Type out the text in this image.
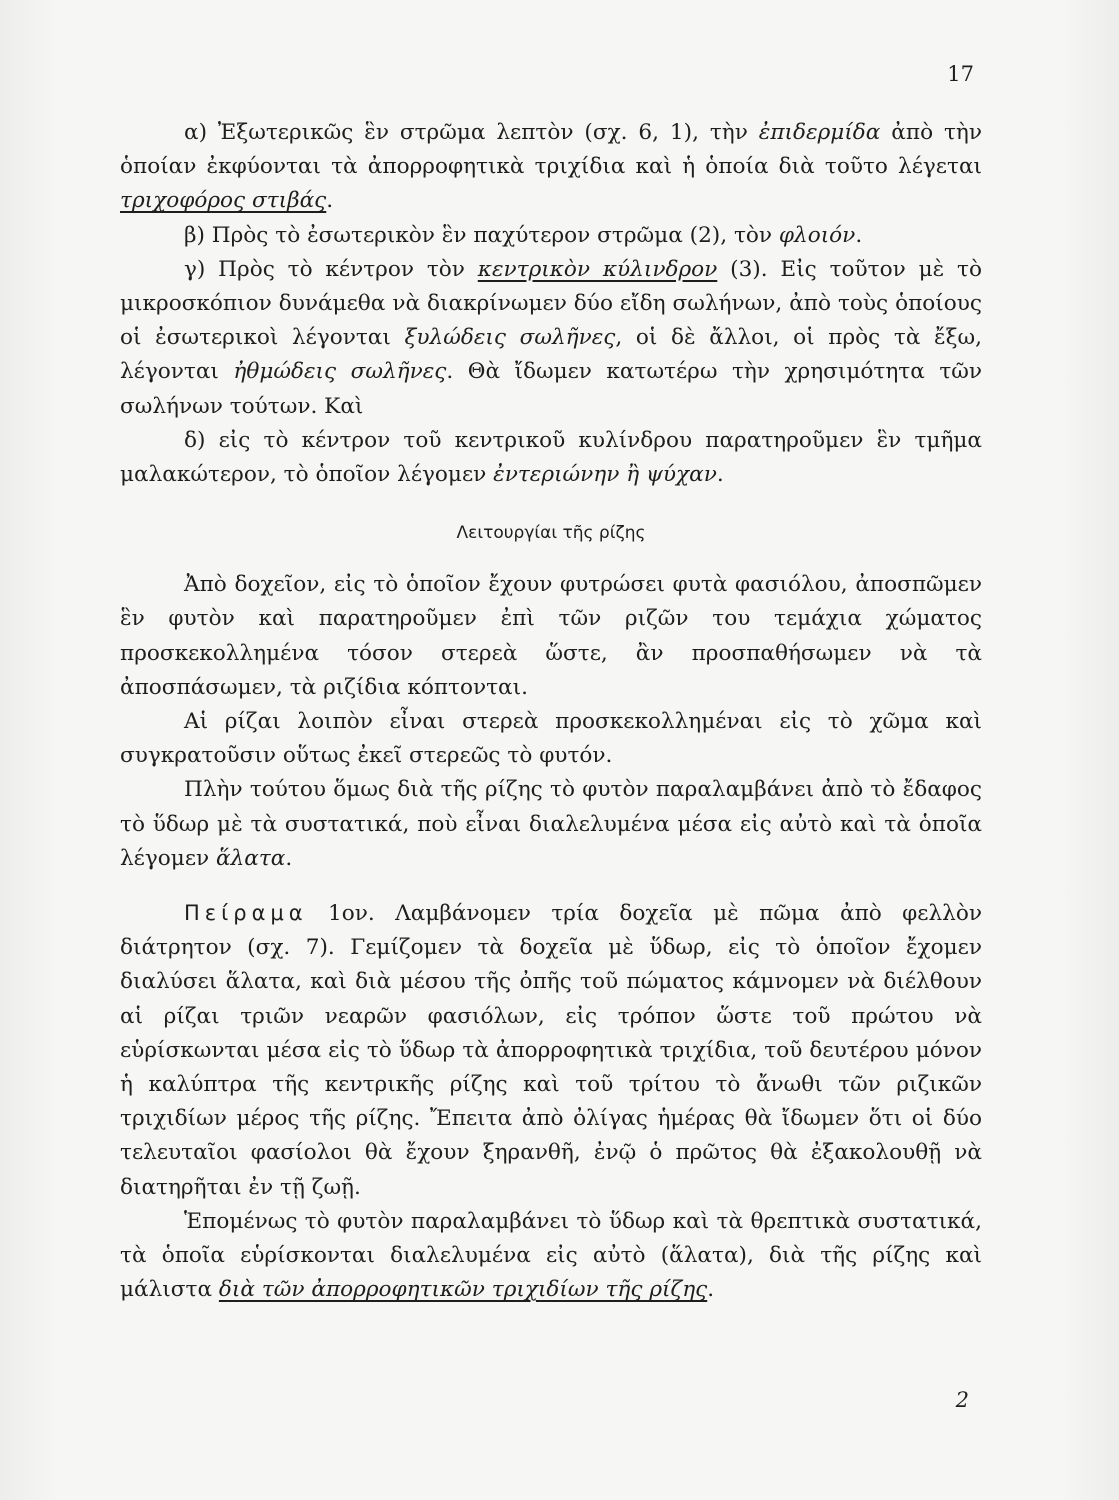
17

α) Ἐξωτερικῶς ἓν στρῶμα λεπτὸν (σχ. 6, 1), τὴν ἐπιδερμίδα ἀπὸ τὴν ὁποίαν ἐκφύονται τὰ ἀπορροφητικὰ τριχίδια καὶ ἡ ὁποία διὰ τοῦτο λέγεται τριχοφόρος στιβάς.

β) Πρὸς τὸ ἐσωτερικὸν ἓν παχύτερον στρῶμα (2), τὸν φλοιόν.

γ) Πρὸς τὸ κέντρον τὸν κεντρικὸν κύλινδρον (3). Εἰς τοῦτον μὲ τὸ μικροσκόπιον δυνάμεθα νὰ διακρίνωμεν δύο εἴδη σωλήνων, ἀπὸ τοὺς ὁποίους οἱ ἐσωτερικοὶ λέγονται ξυλώδεις σωλῆνες, οἱ δὲ ἄλλοι, οἱ πρὸς τὰ ἔξω, λέγονται ἠθμώδεις σωλῆνες. Θὰ ἴδωμεν κατωτέρω τὴν χρησιμότητα τῶν σωλήνων τούτων. Καὶ

δ) εἰς τὸ κέντρον τοῦ κεντρικοῦ κυλίνδρου παρατηροῦμεν ἓν τμῆμα μαλακώτερον, τὸ ὁποῖον λέγομεν ἐντεριώνην ἢ ψύχαν.

Λειτουργίαι τῆς ρίζης

Ἀπὸ δοχεῖον, εἰς τὸ ὁποῖον ἔχουν φυτρώσει φυτὰ φασιόλου, ἀποσπῶμεν ἓν φυτὸν καὶ παρατηροῦμεν ἐπὶ τῶν ριζῶν του τεμάχια χώματος προσκεκολλημένα τόσον στερεὰ ὥστε, ἂν προσπαθήσωμεν νὰ τὰ ἀποσπάσωμεν, τὰ ριζίδια κόπτονται.

Αἱ ρίζαι λοιπὸν εἶναι στερεὰ προσκεκολλημέναι εἰς τὸ χῶμα καὶ συγκρατοῦσιν οὕτως ἐκεῖ στερεῶς τὸ φυτόν.

Πλὴν τούτου ὅμως διὰ τῆς ρίζης τὸ φυτὸν παραλαμβάνει ἀπὸ τὸ ἔδαφος τὸ ὕδωρ μὲ τὰ συστατικά, ποὺ εἶναι διαλελυμένα μέσα εἰς αὐτὸ καὶ τὰ ὁποῖα λέγομεν ἅλατα.

Πείραμα 1ον. Λαμβάνομεν τρία δοχεῖα μὲ πῶμα ἀπὸ φελλὸν διάτρητον (σχ. 7). Γεμίζομεν τὰ δοχεῖα μὲ ὕδωρ, εἰς τὸ ὁποῖον ἔχομεν διαλύσει ἅλατα, καὶ διὰ μέσου τῆς ὀπῆς τοῦ πώματος κάμνομεν νὰ διέλθουν αἱ ρίζαι τριῶν νεαρῶν φασιόλων, εἰς τρόπον ὥστε τοῦ πρώτου νὰ εὑρίσκωνται μέσα εἰς τὸ ὕδωρ τὰ ἀπορροφητικὰ τριχίδια, τοῦ δευτέρου μόνον ἡ καλύπτρα τῆς κεντρικῆς ρίζης καὶ τοῦ τρίτου τὸ ἄνωθι τῶν ριζικῶν τριχιδίων μέρος τῆς ρίζης. Ἔπειτα ἀπὸ ὀλίγας ἡμέρας θὰ ἴδωμεν ὅτι οἱ δύο τελευταῖοι φασίολοι θὰ ἔχουν ξηρανθῆ, ἐνῷ ὁ πρῶτος θὰ ἐξακολουθῇ νὰ διατηρῆται ἐν τῇ ζωῇ.

Ἑπομένως τὸ φυτὸν παραλαμβάνει τὸ ὕδωρ καὶ τὰ θρεπτικὰ συστατικά, τὰ ὁποῖα εὑρίσκονται διαλελυμένα εἰς αὐτὸ (ἅλατα), διὰ τῆς ρίζης καὶ μάλιστα διὰ τῶν ἀπορροφητικῶν τριχιδίων τῆς ρίζης.

2
